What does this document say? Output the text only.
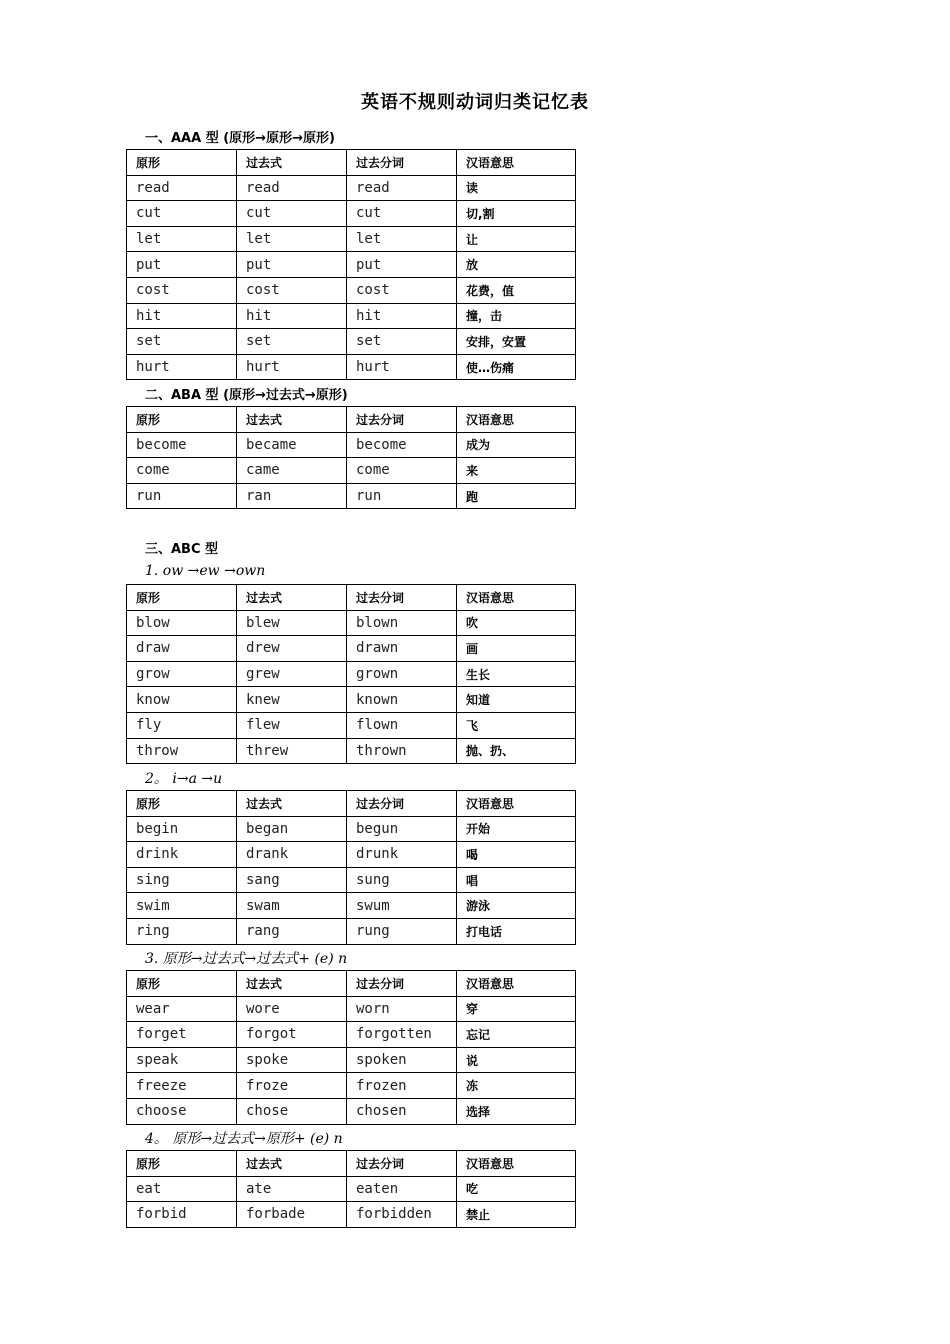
英语不规则动词归类记忆表
一、AAA 型 (原形→原形→原形)
原形	过去式	过去分词	汉语意思
read	read	read	读
cut	cut	cut	切,割
let	let	let	让
put	put	put	放
cost	cost	cost	花费，值
hit	hit	hit	撞，击
set	set	set	安排，安置
hurt	hurt	hurt	使…伤痛
二、ABA 型 (原形→过去式→原形)
原形	过去式	过去分词	汉语意思
become	became	become	成为
come	came	come	来
run	ran	run	跑
三、ABC 型
1. ow →ew →own
原形	过去式	过去分词	汉语意思
blow	blew	blown	吹
draw	drew	drawn	画
grow	grew	grown	生长
know	knew	known	知道
fly	flew	flown	飞
throw	threw	thrown	抛、扔、
2。 i→a →u
原形	过去式	过去分词	汉语意思
begin	began	begun	开始
drink	drank	drunk	喝
sing	sang	sung	唱
swim	swam	swum	游泳
ring	rang	rung	打电话
3. 原形→过去式→过去式+ (e) n
原形	过去式	过去分词	汉语意思
wear	wore	worn	穿
forget	forgot	forgotten	忘记
speak	spoke	spoken	说
freeze	froze	frozen	冻
choose	chose	chosen	选择
4。 原形→过去式→原形+ (e) n
原形	过去式	过去分词	汉语意思
eat	ate	eaten	吃
forbid	forbade	forbidden	禁止
